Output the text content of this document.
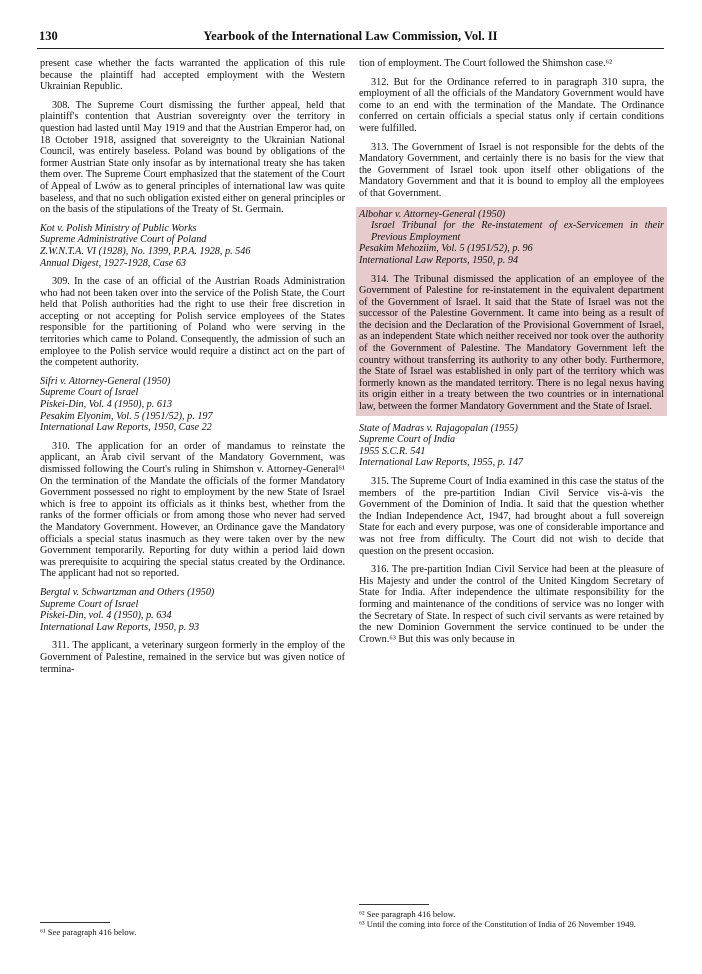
130	Yearbook of the International Law Commission, Vol. II

present case whether the facts warranted the application of this rule because the plaintiff had accepted employment with the Western Ukrainian Republic.

308. The Supreme Court dismissing the further appeal, held that plaintiff's contention that Austrian sovereignty over the territory in question had lasted until May 1919 and that the Austrian Emperor had, on 18 October 1918, assigned that sovereignty to the Ukrainian National Council, was entirely baseless. Poland was bound by obligations of the former Austrian State only insofar as by international treaty she has taken them over. The Supreme Court emphasized that the statement of the Court of Appeal of Lwów as to general principles of international law was quite baseless, and that no such obligation existed either on general principles or on the basis of the stipulations of the Treaty of St. Germain.

Kot v. Polish Ministry of Public Works
Supreme Administrative Court of Poland
Z.W.N.T.A. VI (1928), No. 1399, P.P.A. 1928, p. 546
Annual Digest, 1927-1928, Case 63

309. In the case of an official of the Austrian Roads Administration who had not been taken over into the service of the Polish State, the Court held that Polish authorities had the right to use their free discretion in accepting or not accepting for Polish service employees of the States responsible for the partitioning of Poland who were serving in the territories which came to Poland. Consequently, the admission of such an employee to the Polish service would require a distinct act on the part of the competent authority.

Sifri v. Attorney-General (1950)
Supreme Court of Israel
Piskei-Din, Vol. 4 (1950), p. 613
Pesakim Elyonim, Vol. 5 (1951/52), p. 197
International Law Reports, 1950, Case 22

310. The application for an order of mandamus to reinstate the applicant, an Arab civil servant of the Mandatory Government, was dismissed following the Court's ruling in Shimshon v. Attorney-General⁶¹ On the termination of the Mandate the officials of the former Mandatory Government possessed no right to employment by the new State of Israel which is free to appoint its officials as it thinks best, whether from the ranks of the former officials or from among those who never had served the Mandatory Government. However, an Ordinance gave the Mandatory officials a special status inasmuch as they were taken over by the new Government temporarily. Reporting for duty within a period laid down was prerequisite to acquiring the special status created by the Ordinance. The applicant had not so reported.

Bergtal v. Schwartzman and Others (1950)
Supreme Court of Israel
Piskei-Din, vol. 4 (1950), p. 634
International Law Reports, 1950, p. 93

311. The applicant, a veterinary surgeon formerly in the employ of the Government of Palestine, remained in the service but was given notice of termina-

⁶¹ See paragraph 416 below.

tion of employment. The Court followed the Shimshon case.⁶²

312. But for the Ordinance referred to in paragraph 310 supra, the employment of all the officials of the Mandatory Government would have come to an end with the termination of the Mandate. The Ordinance conferred on certain officials a special status only if certain conditions were fulfilled.

313. The Government of Israel is not responsible for the debts of the Mandatory Government, and certainly there is no basis for the view that the Government of Israel took upon itself other obligations of the Mandatory Government and that it is bound to employ all the employees of that Government.

Albohar v. Attorney-General (1950)
Israel Tribunal for the Re-instatement of ex-Servicemen in their Previous Employment
Pesakim Mehoziim, Vol. 5 (1951/52), p. 96
International Law Reports, 1950, p. 94

314. The Tribunal dismissed the application of an employee of the Government of Palestine for re-instatement in the equivalent department of the Government of Israel. It said that the State of Israel was not the successor of the Palestine Government. It came into being as a result of the decision and the Declaration of the Provisional Government of Israel, as an independent State which neither received nor took over the authority of the Government of Palestine. The Mandatory Government left the country without transferring its authority to any other body. Furthermore, the State of Israel was established in only part of the territory which was formerly known as the mandated territory. There is no legal nexus having its origin either in a treaty between the two countries or in international law, between the former Mandatory Government and the State of Israel.

State of Madras v. Rajagopalan (1955)
Supreme Court of India
1955 S.C.R. 541
International Law Reports, 1955, p. 147

315. The Supreme Court of India examined in this case the status of the members of the pre-partition Indian Civil Service vis-à-vis the Government of the Dominion of India. It said that the question whether the Indian Independence Act, 1947, had brought about a full sovereign State for each and every purpose, was one of considerable importance and was not free from difficulty. The Court did not wish to decide that question on the present occasion.

316. The pre-partition Indian Civil Service had been at the pleasure of His Majesty and under the control of the United Kingdom Secretary of State for India. After independence the ultimate responsibility for the forming and maintenance of the conditions of service was no longer with the Secretary of State. In respect of such civil servants as were retained by the new Dominion Government the service continued to be under the Crown.⁶³ But this was only because in

⁶² See paragraph 416 below.
⁶³ Until the coming into force of the Constitution of India of 26 November 1949.
